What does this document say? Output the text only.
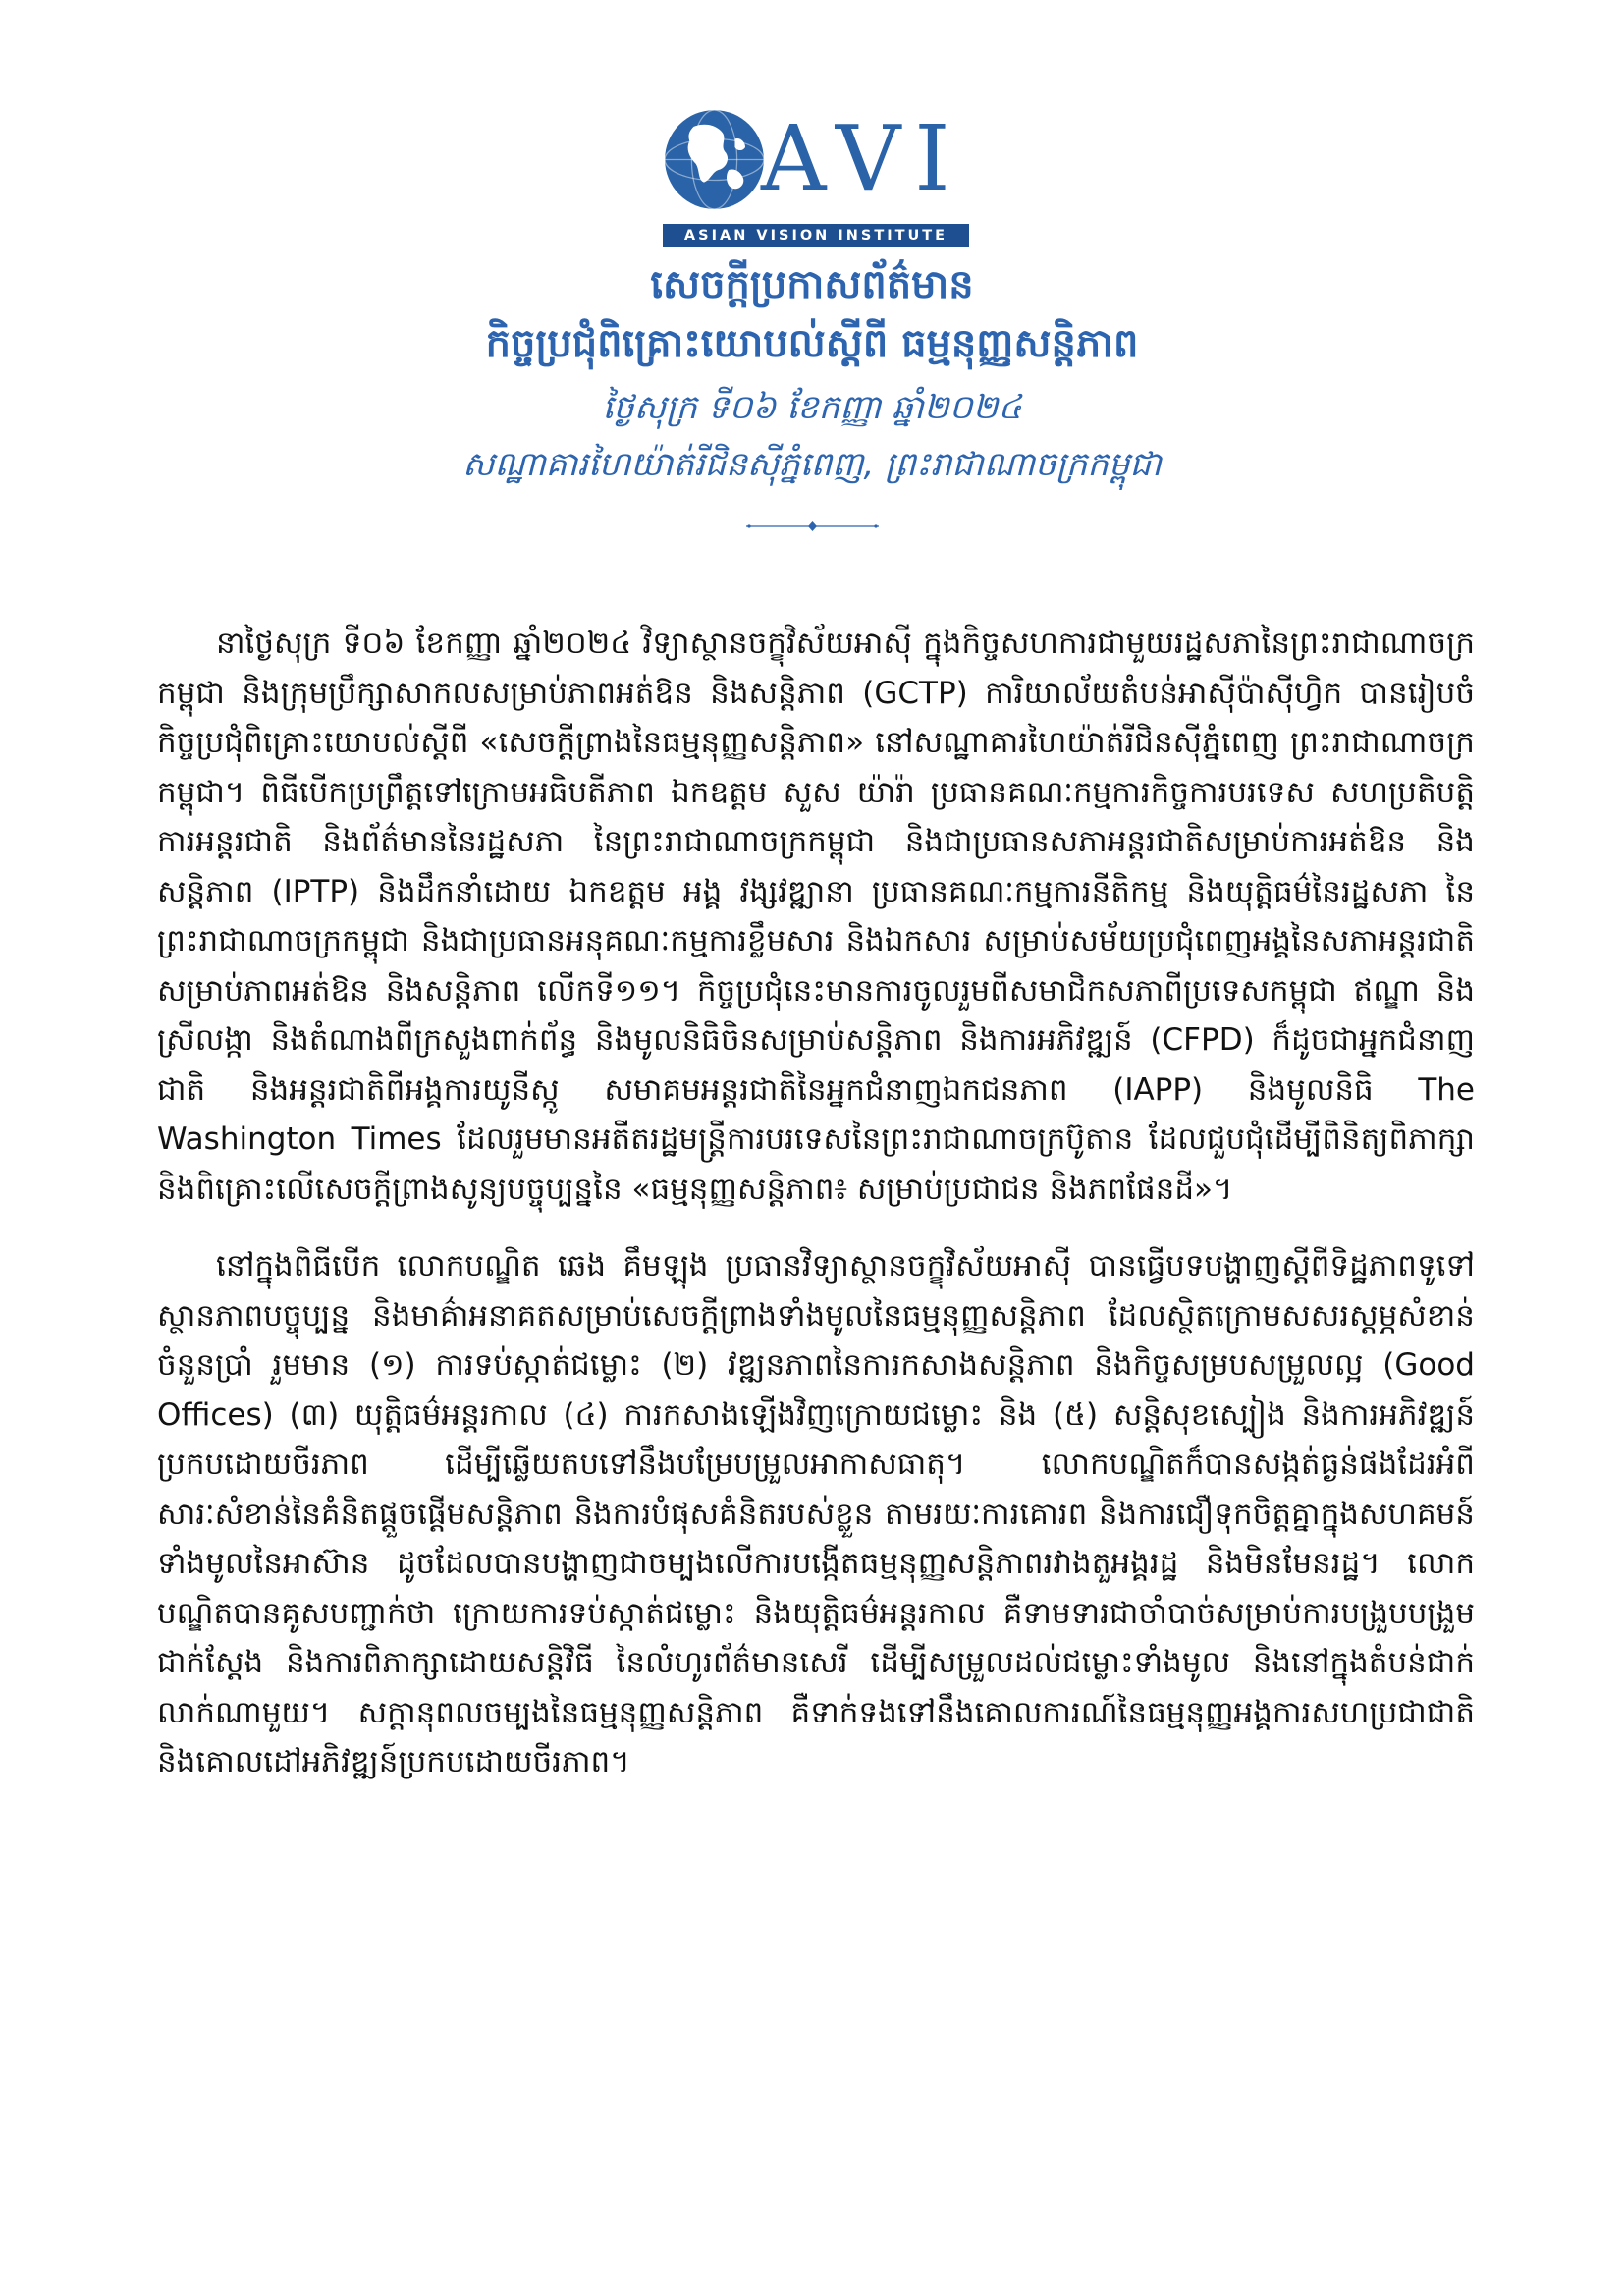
AVI
ASIAN VISION INSTITUTE
សេចក្តីប្រកាសព័ត៌មាន
កិច្ចប្រជុំពិគ្រោះយោបល់ស្តីពី ធម្មនុញ្ញសន្តិភាព
ថ្ងៃសុក្រ ទី០៦ ខែកញ្ញា ឆ្នាំ២០២៤
សណ្ឋាគារហៃយ៉ាត់រីជិនស៊ីភ្នំពេញ, ព្រះរាជាណាចក្រកម្ពុជា

នាថ្ងៃសុក្រ ទី០៦ ខែកញ្ញា ឆ្នាំ២០២៤ វិទ្យាស្ថានចក្ខុវិស័យអាស៊ី ក្នុងកិច្ចសហការជាមួយរដ្ឋសភានៃព្រះរាជាណាចក្រកម្ពុជា និងក្រុមប្រឹក្សាសាកលសម្រាប់ភាពអត់ឱន និងសន្តិភាព (GCTP) ការិយាល័យតំបន់អាស៊ីប៉ាស៊ីហ្វិក បានរៀបចំកិច្ចប្រជុំពិគ្រោះយោបល់ស្តីពី «សេចក្តីព្រាងនៃធម្មនុញ្ញសន្តិភាព» នៅសណ្ឋាគារហៃយ៉ាត់រីជិនស៊ីភ្នំពេញ ព្រះរាជាណាចក្រកម្ពុជា។ ពិធីបើកប្រព្រឹត្តទៅក្រោមអធិបតីភាព ឯកឧត្តម សួស យ៉ារ៉ា ប្រធានគណៈកម្មការកិច្ចការបរទេស សហប្រតិបត្តិការអន្តរជាតិ និងព័ត៌មាននៃរដ្ឋសភា នៃព្រះរាជាណាចក្រកម្ពុជា និងជាប្រធានសភាអន្តរជាតិសម្រាប់ការអត់ឱន និងសន្តិភាព (IPTP) និងដឹកនាំដោយ ឯកឧត្តម អង្គ វង្សវឌ្ឍានា ប្រធានគណៈកម្មការនីតិកម្ម និងយុត្តិធម៌នៃរដ្ឋសភា នៃព្រះរាជាណាចក្រកម្ពុជា និងជាប្រធានអនុគណៈកម្មការខ្លឹមសារ និងឯកសារ សម្រាប់សម័យប្រជុំពេញអង្គនៃសភាអន្តរជាតិសម្រាប់ភាពអត់ឱន និងសន្តិភាព លើកទី១១។ កិច្ចប្រជុំនេះមានការចូលរួមពីសមាជិកសភាពីប្រទេសកម្ពុជា ឥណ្ឌា និងស្រីលង្កា និងតំណាងពីក្រសួងពាក់ព័ន្ធ និងមូលនិធិចិនសម្រាប់សន្តិភាព និងការអភិវឌ្ឍន៍ (CFPD) ក៏ដូចជាអ្នកជំនាញជាតិ និងអន្តរជាតិពីអង្គការយូនីស្កូ សមាគមអន្តរជាតិនៃអ្នកជំនាញឯកជនភាព (IAPP) និងមូលនិធិ The Washington Times ដែលរួមមានអតីតរដ្ឋមន្ត្រីការបរទេសនៃព្រះរាជាណាចក្រប៊ូតាន ដែលជួបជុំដើម្បីពិនិត្យពិភាក្សា និងពិគ្រោះលើសេចក្តីព្រាងសូន្យបច្ចុប្បន្ននៃ «ធម្មនុញ្ញសន្តិភាព៖ សម្រាប់ប្រជាជន និងភពផែនដី»។

នៅក្នុងពិធីបើក លោកបណ្ឌិត ឆេង គឹមឡុង ប្រធានវិទ្យាស្ថានចក្ខុវិស័យអាស៊ី បានធ្វើបទបង្ហាញស្តីពីទិដ្ឋភាពទូទៅ ស្ថានភាពបច្ចុប្បន្ន និងមាគ៌ាអនាគតសម្រាប់សេចក្តីព្រាងទាំងមូលនៃធម្មនុញ្ញសន្តិភាព ដែលស្ថិតក្រោមសសរស្តម្ភសំខាន់ចំនួនប្រាំ រួមមាន (១) ការទប់ស្កាត់ជម្លោះ (២) វឌ្ឍនភាពនៃការកសាងសន្តិភាព និងកិច្ចសម្របសម្រួលល្អ (Good Offices) (៣) យុត្តិធម៌អន្តរកាល (៤) ការកសាងឡើងវិញក្រោយជម្លោះ និង (៥) សន្តិសុខស្បៀង និងការអភិវឌ្ឍន៍ប្រកបដោយចីរភាព ដើម្បីឆ្លើយតបទៅនឹងបម្រែបម្រួលអាកាសធាតុ។ លោកបណ្ឌិតក៏បានសង្កត់ធ្ងន់ផងដែរអំពីសារៈសំខាន់នៃគំនិតផ្តួចផ្តើមសន្តិភាព និងការបំផុសគំនិតរបស់ខ្លួន តាមរយៈការគោរព និងការជឿទុកចិត្តគ្នាក្នុងសហគមន៍ទាំងមូលនៃអាស៊ាន ដូចដែលបានបង្ហាញជាចម្បងលើការបង្កើតធម្មនុញ្ញសន្តិភាពរវាងតួអង្គរដ្ឋ និងមិនមែនរដ្ឋ។ លោកបណ្ឌិតបានគូសបញ្ជាក់ថា ក្រោយការទប់ស្កាត់ជម្លោះ និងយុត្តិធម៌អន្តរកាល គឺទាមទារជាចាំបាច់សម្រាប់ការបង្រួបបង្រួមជាក់ស្តែង និងការពិភាក្សាដោយសន្តិវិធី នៃលំហូរព័ត៌មានសេរី ដើម្បីសម្រួលដល់ជម្លោះទាំងមូល និងនៅក្នុងតំបន់ជាក់លាក់ណាមួយ។ សក្តានុពលចម្បងនៃធម្មនុញ្ញសន្តិភាព គឺទាក់ទងទៅនឹងគោលការណ៍នៃធម្មនុញ្ញអង្គការសហប្រជាជាតិ និងគោលដៅអភិវឌ្ឍន៍ប្រកបដោយចីរភាព។
